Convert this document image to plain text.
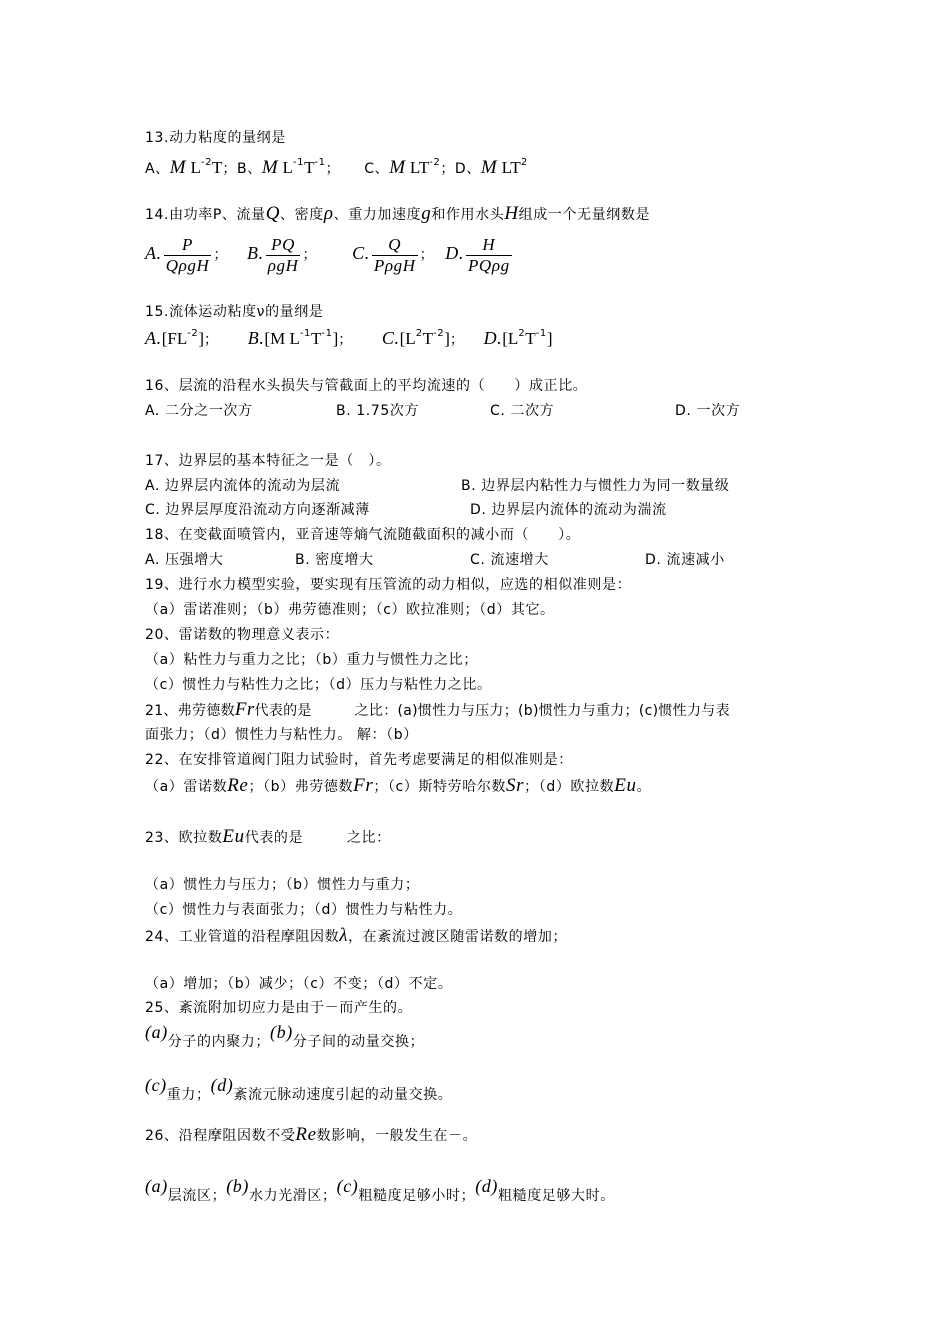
13.动力粘度的量纲是
A、M $L^{-2}T$；B、M $L^{-1}T^{-1}$； C、M $LT^{-2}$；D、M $LT^2$
14.由功率P、流量Q、密度ρ、重力加速度g和作用水头H组成一个无量纲数是
A. $\frac{P}{\text{QρgH}}$ ； B. $\frac{PQ}{\text{ρgH}}$ ； C. $\frac{Q}{\text{PρgH}}$ ； D. $\frac{H}{\text{PQρg}}$
15.流体运动粘度ν的量纲是
$A.[FL^{-2}]$； B.[M $L^{-1}T^{-1}$]； $C.[L^2T^{-2}]$； $D.[L^2T^{-1}]$
16、层流的沿程水头损失与管截面上的平均流速的（　　）成正比。
A. 二分之一次方	B. 1.75次方	C. 二次方	D. 一次方
17、边界层的基本特征之一是（　）。
A. 边界层内流体的流动为层流	B. 边界层内粘性力与惯性力为同一数量级
C. 边界层厚度沿流动方向逐渐减薄	D. 边界层内流体的流动为湍流
18、在变截面喷管内，亚音速等熵气流随截面积的减小而（　　）。
A. 压强增大	B. 密度增大	C. 流速增大	D. 流速减小
19、进行水力模型实验，要实现有压管流的动力相似，应选的相似准则是：
（a）雷诺准则；（b）弗劳德准则；（c）欧拉准则；（d）其它。
20、雷诺数的物理意义表示：
（a）粘性力与重力之比；（b）重力与惯性力之比；
（c）惯性力与粘性力之比；（d）压力与粘性力之比。
21、弗劳德数Fr代表的是　　　之比：(a)惯性力与压力；(b)惯性力与重力；(c)惯性力与表
面张力；（d）惯性力与粘性力。 解：（b）
22、在安排管道阀门阻力试验时，首先考虑要满足的相似准则是：
（a）雷诺数Re；（b）弗劳德数Fr；（c）斯特劳哈尔数Sr；（d）欧拉数Eu。
23、欧拉数Eu代表的是　　　之比：
（a）惯性力与压力；（b）惯性力与重力；
（c）惯性力与表面张力；（d）惯性力与粘性力。
24、工业管道的沿程摩阻因数λ，在紊流过渡区随雷诺数的增加；
（a）增加；（b）减少；（c）不变；（d）不定。
25、紊流附加切应力是由于－而产生的。
(a)分子的内聚力；(b)分子间的动量交换；
(c)重力；(d)紊流元脉动速度引起的动量交换。
26、沿程摩阻因数不受Re数影响，一般发生在－。
(a)层流区；(b)水力光滑区；(c)粗糙度足够小时；(d)粗糙度足够大时。
